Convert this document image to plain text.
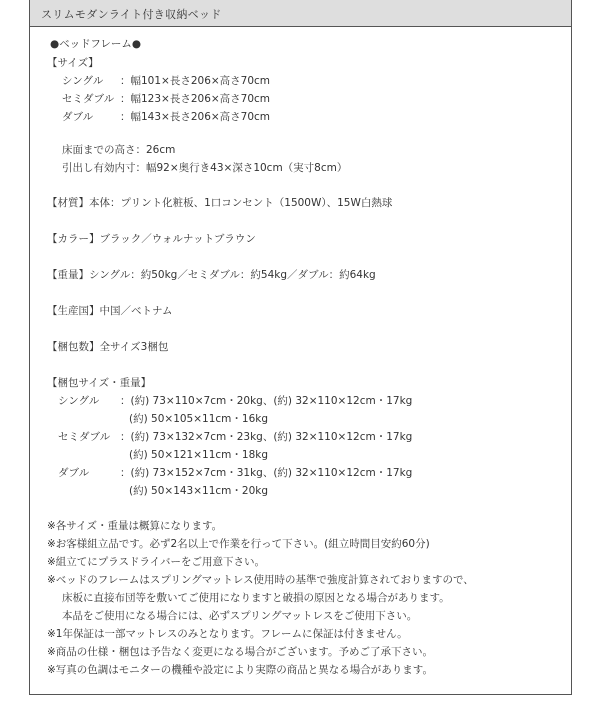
スリムモダンライト付き収納ベッド
●ベッドフレーム●
【サイズ】
シングル ：幅101×長さ206×高さ70cm
セミダブル ：幅123×長さ206×高さ70cm
ダブル	：幅143×長さ206×高さ70cm
床面までの高さ：26cm
引出し有効内寸：幅92×奥行き43×深さ10cm（実寸8cm）
【材質】本体：プリント化粧板、1口コンセント（1500W）、15W白熱球
【カラー】ブラック／ウォルナットブラウン
【重量】シングル：約50kg／セミダブル：約54kg／ダブル：約64kg
【生産国】中国／ベトナム
【梱包数】全サイズ3梱包
【梱包サイズ・重量】
シングル ：(約) 73×110×7cm・20kg、(約) 32×110×12cm・17kg
(約) 50×105×11cm・16kg
セミダブル ：(約) 73×132×7cm・23kg、(約) 32×110×12cm・17kg
(約) 50×121×11cm・18kg
ダブル	：(約) 73×152×7cm・31kg、(約) 32×110×12cm・17kg
(約) 50×143×11cm・20kg
※各サイズ・重量は概算になります。
※お客様組立品です。必ず2名以上で作業を行って下さい。(組立時間目安約60分)
※組立てにプラスドライバーをご用意下さい。
※ベッドのフレームはスプリングマットレス使用時の基準で強度計算されておりますので、
床板に直接布団等を敷いてご使用になりますと破損の原因となる場合があります。
本品をご使用になる場合には、必ずスプリングマットレスをご使用下さい。
※1年保証は一部マットレスのみとなります。フレームに保証は付きません。
※商品の仕様・梱包は予告なく変更になる場合がございます。予めご了承下さい。
※写真の色調はモニターの機種や設定により実際の商品と異なる場合があります。
